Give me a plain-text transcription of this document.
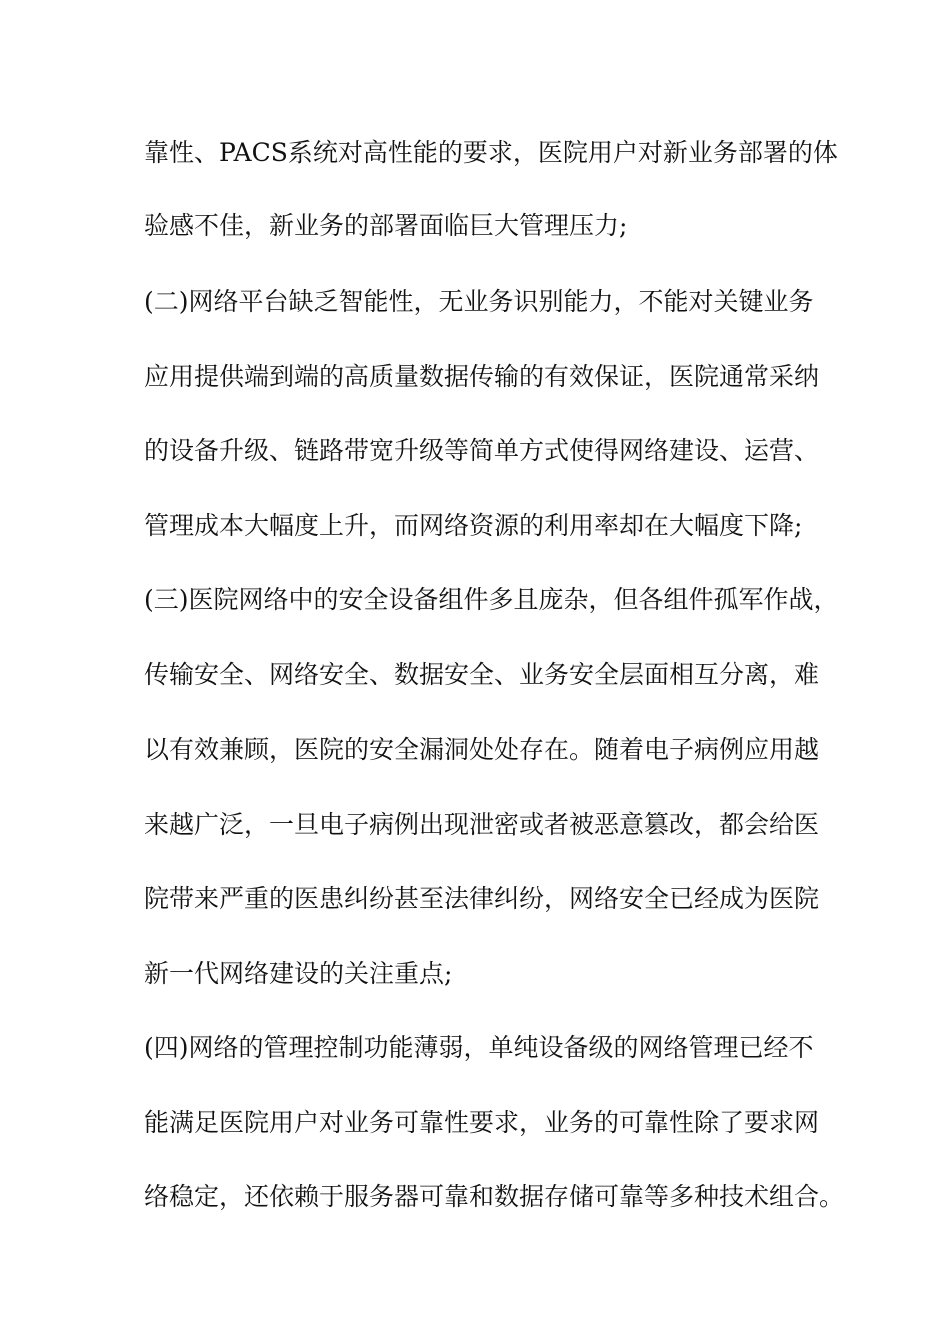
靠性、PACS系统对高性能的要求，医院用户对新业务部署的体
验感不佳，新业务的部署面临巨大管理压力;
(二)网络平台缺乏智能性，无业务识别能力，不能对关键业务
应用提供端到端的高质量数据传输的有效保证，医院通常采纳
的设备升级、链路带宽升级等简单方式使得网络建设、运营、
管理成本大幅度上升，而网络资源的利用率却在大幅度下降;
(三)医院网络中的安全设备组件多且庞杂，但各组件孤军作战，
传输安全、网络安全、数据安全、业务安全层面相互分离，难
以有效兼顾，医院的安全漏洞处处存在。随着电子病例应用越
来越广泛，一旦电子病例出现泄密或者被恶意篡改，都会给医
院带来严重的医患纠纷甚至法律纠纷，网络安全已经成为医院
新一代网络建设的关注重点;
(四)网络的管理控制功能薄弱，单纯设备级的网络管理已经不
能满足医院用户对业务可靠性要求，业务的可靠性除了要求网
络稳定，还依赖于服务器可靠和数据存储可靠等多种技术组合。
